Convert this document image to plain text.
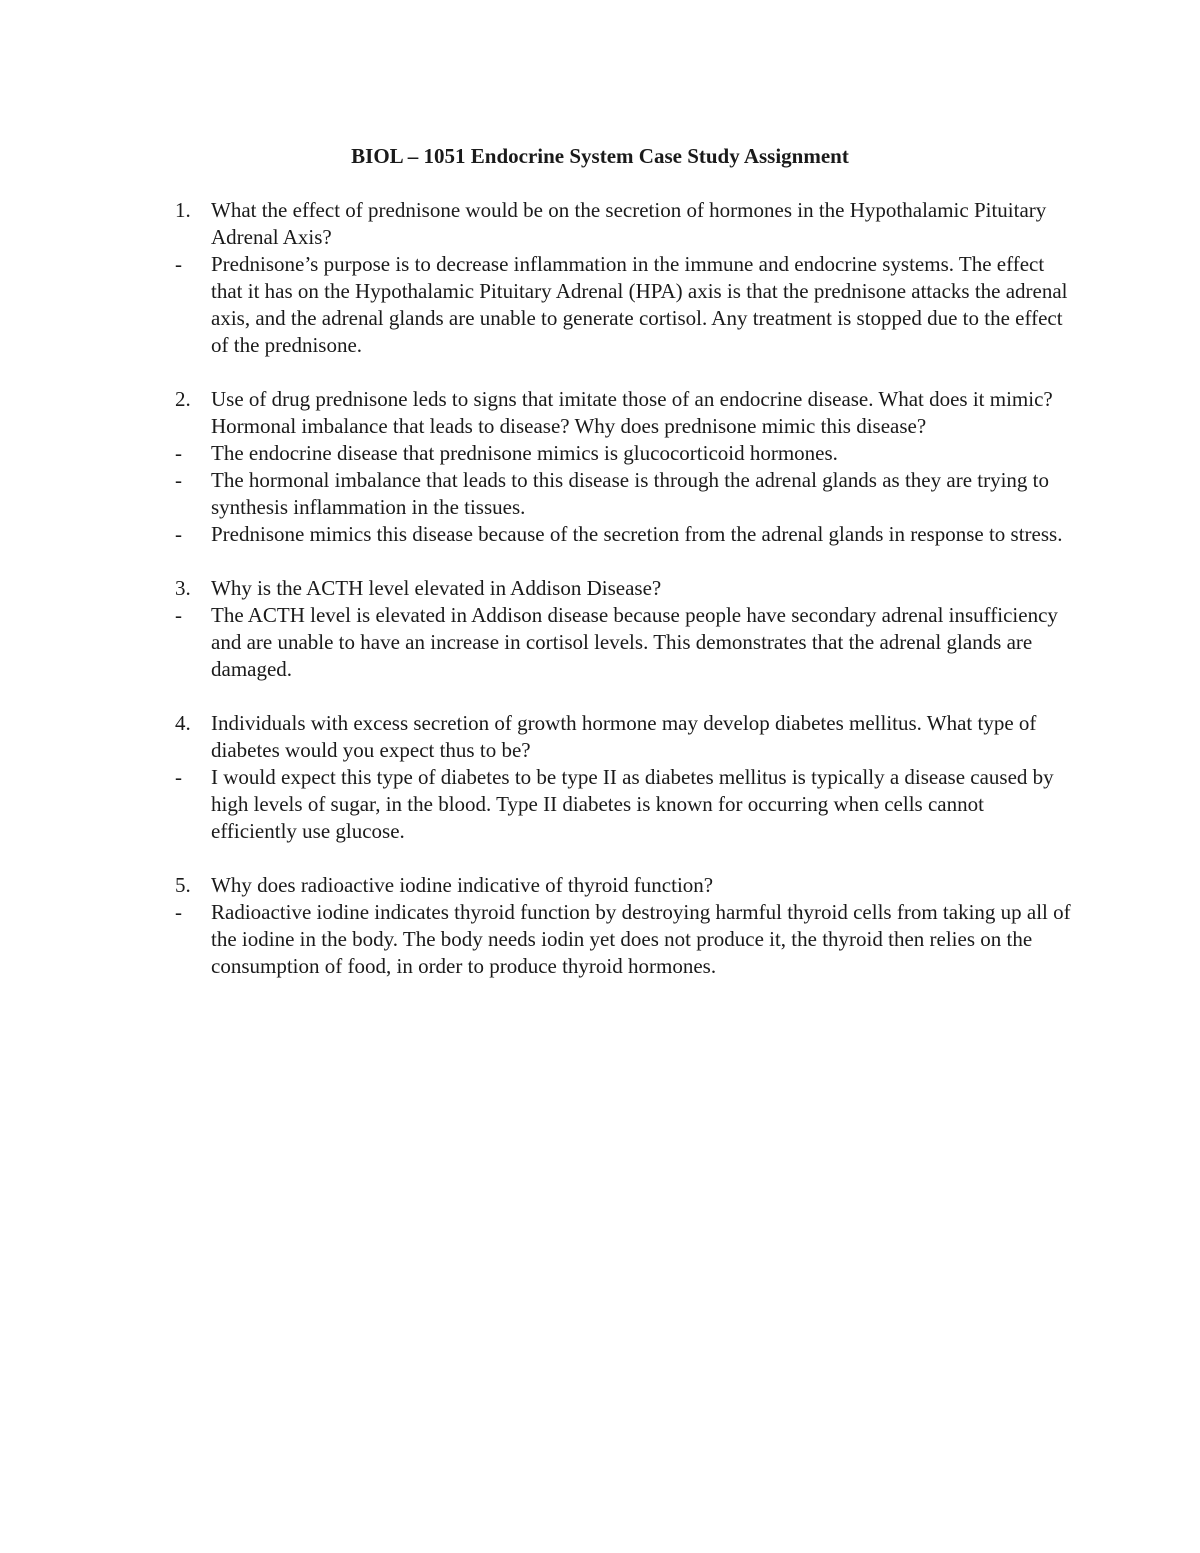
BIOL – 1051 Endocrine System Case Study Assignment
1. What the effect of prednisone would be on the secretion of hormones in the Hypothalamic Pituitary Adrenal Axis?
-	Prednisone’s purpose is to decrease inflammation in the immune and endocrine systems. The effect that it has on the Hypothalamic Pituitary Adrenal (HPA) axis is that the prednisone attacks the adrenal axis, and the adrenal glands are unable to generate cortisol. Any treatment is stopped due to the effect of the prednisone.
2. Use of drug prednisone leds to signs that imitate those of an endocrine disease. What does it mimic? Hormonal imbalance that leads to disease? Why does prednisone mimic this disease?
-	The endocrine disease that prednisone mimics is glucocorticoid hormones.
-	The hormonal imbalance that leads to this disease is through the adrenal glands as they are trying to synthesis inflammation in the tissues.
-	Prednisone mimics this disease because of the secretion from the adrenal glands in response to stress.
3. Why is the ACTH level elevated in Addison Disease?
-	The ACTH level is elevated in Addison disease because people have secondary adrenal insufficiency and are unable to have an increase in cortisol levels. This demonstrates that the adrenal glands are damaged.
4. Individuals with excess secretion of growth hormone may develop diabetes mellitus. What type of diabetes would you expect thus to be?
-	I would expect this type of diabetes to be type II as diabetes mellitus is typically a disease caused by high levels of sugar, in the blood. Type II diabetes is known for occurring when cells cannot efficiently use glucose.
5. Why does radioactive iodine indicative of thyroid function?
-	Radioactive iodine indicates thyroid function by destroying harmful thyroid cells from taking up all of the iodine in the body. The body needs iodin yet does not produce it, the thyroid then relies on the consumption of food, in order to produce thyroid hormones.
